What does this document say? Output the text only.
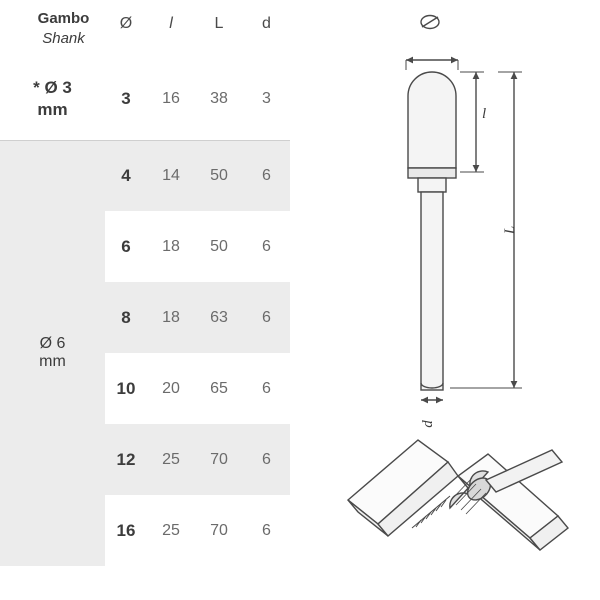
Gambo
Shank	Ø	l	L	d

* Ø 3
mm	3	16	38	3

Ø 6
mm	4	14	50	6
	6	18	50	6
	8	18	63	6
	10	20	65	6
	12	25	70	6
	16	25	70	6
l
L
d
